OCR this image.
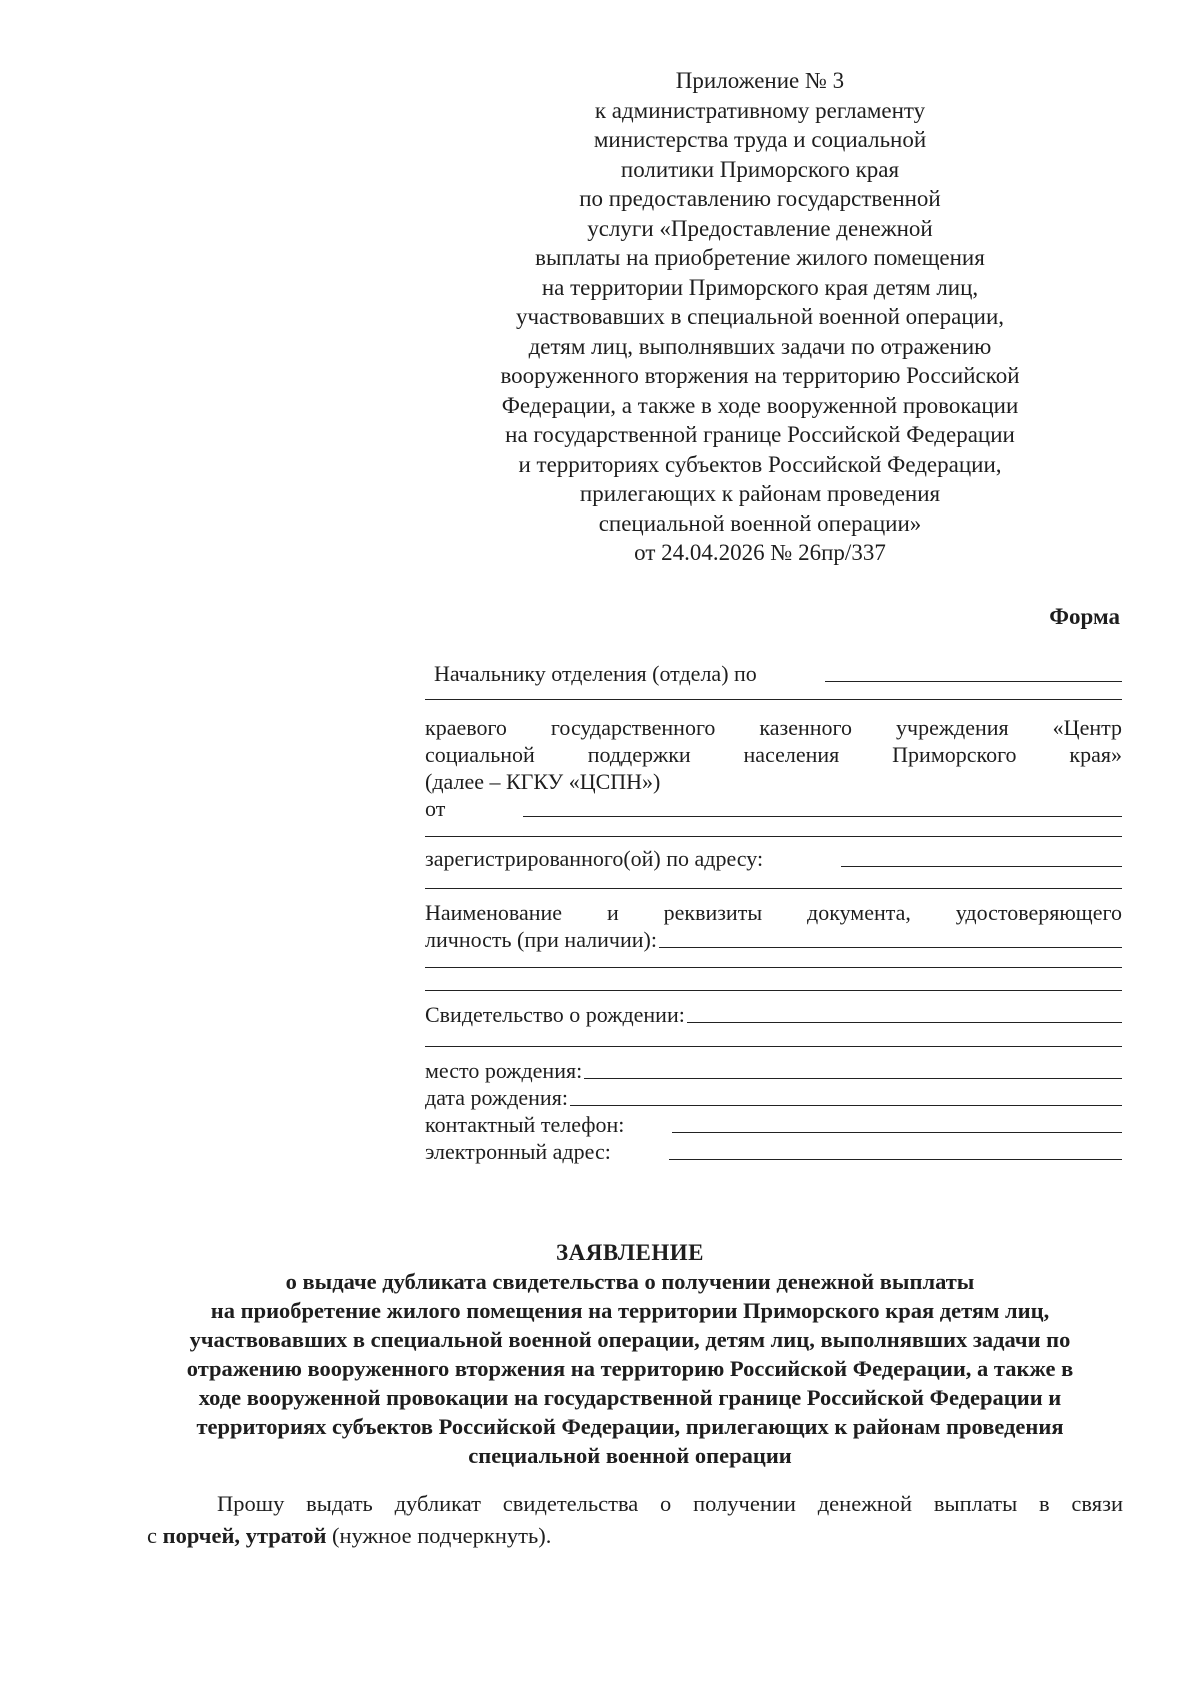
Приложение № 3
к административному регламенту
министерства труда и социальной
политики Приморского края
по предоставлению государственной
услуги «Предоставление денежной
выплаты на приобретение жилого помещения
на территории Приморского края детям лиц,
участвовавших в специальной военной операции,
детям лиц, выполнявших задачи по отражению
вооруженного вторжения на территорию Российской
Федерации, а также в ходе вооруженной провокации
на государственной границе Российской Федерации
и территориях субъектов Российской Федерации,
прилегающих к районам проведения
специальной военной операции»
от 24.04.2026 № 26пр/337
Форма
Начальнику отделения (отдела) по
краевого государственного казенного учреждения «Центр
социальной поддержки населения Приморского края»
(далее – КГКУ «ЦСПН»)
от
зарегистрированного(ой) по адресу:
Наименование и реквизиты документа, удостоверяющего
личность (при наличии):
Свидетельство о рождении:
место рождения:
дата рождения:
контактный телефон:
электронный адрес:
ЗАЯВЛЕНИЕ
о выдаче дубликата свидетельства о получении денежной выплаты
на приобретение жилого помещения на территории Приморского края детям лиц,
участвовавших в специальной военной операции, детям лиц, выполнявших задачи по
отражению вооруженного вторжения на территорию Российской Федерации, а также в
ходе вооруженной провокации на государственной границе Российской Федерации и
территориях субъектов Российской Федерации, прилегающих к районам проведения
специальной военной операции
Прошу выдать дубликат свидетельства о получении денежной выплаты в связи
с порчей, утратой (нужное подчеркнуть).
